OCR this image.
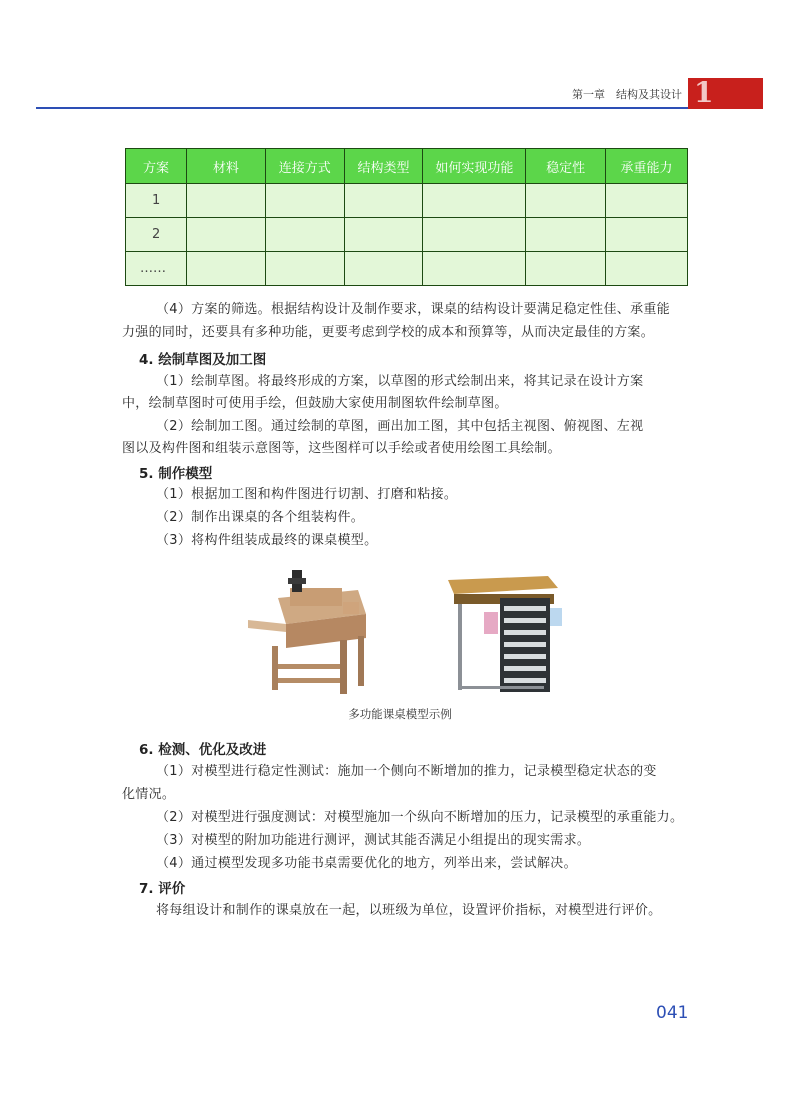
第一章　结构及其设计 1
方案	材料	连接方式	结构类型	如何实现功能	稳定性	承重能力
1						
2						
……						
（4）方案的筛选。根据结构设计及制作要求，课桌的结构设计要满足稳定性佳、承重能
力强的同时，还要具有多种功能，更要考虑到学校的成本和预算等，从而决定最佳的方案。
4. 绘制草图及加工图
（1）绘制草图。将最终形成的方案，以草图的形式绘制出来，将其记录在设计方案
中，绘制草图时可使用手绘，但鼓励大家使用制图软件绘制草图。
（2）绘制加工图。通过绘制的草图，画出加工图，其中包括主视图、俯视图、左视
图以及构件图和组装示意图等，这些图样可以手绘或者使用绘图工具绘制。
5. 制作模型
（1）根据加工图和构件图进行切割、打磨和粘接。
（2）制作出课桌的各个组装构件。
（3）将构件组装成最终的课桌模型。
多功能课桌模型示例
6. 检测、优化及改进
（1）对模型进行稳定性测试：施加一个侧向不断增加的推力，记录模型稳定状态的变
化情况。
（2）对模型进行强度测试：对模型施加一个纵向不断增加的压力，记录模型的承重能力。
（3）对模型的附加功能进行测评，测试其能否满足小组提出的现实需求。
（4）通过模型发现多功能书桌需要优化的地方，列举出来，尝试解决。
7. 评价
将每组设计和制作的课桌放在一起，以班级为单位，设置评价指标，对模型进行评价。
041
